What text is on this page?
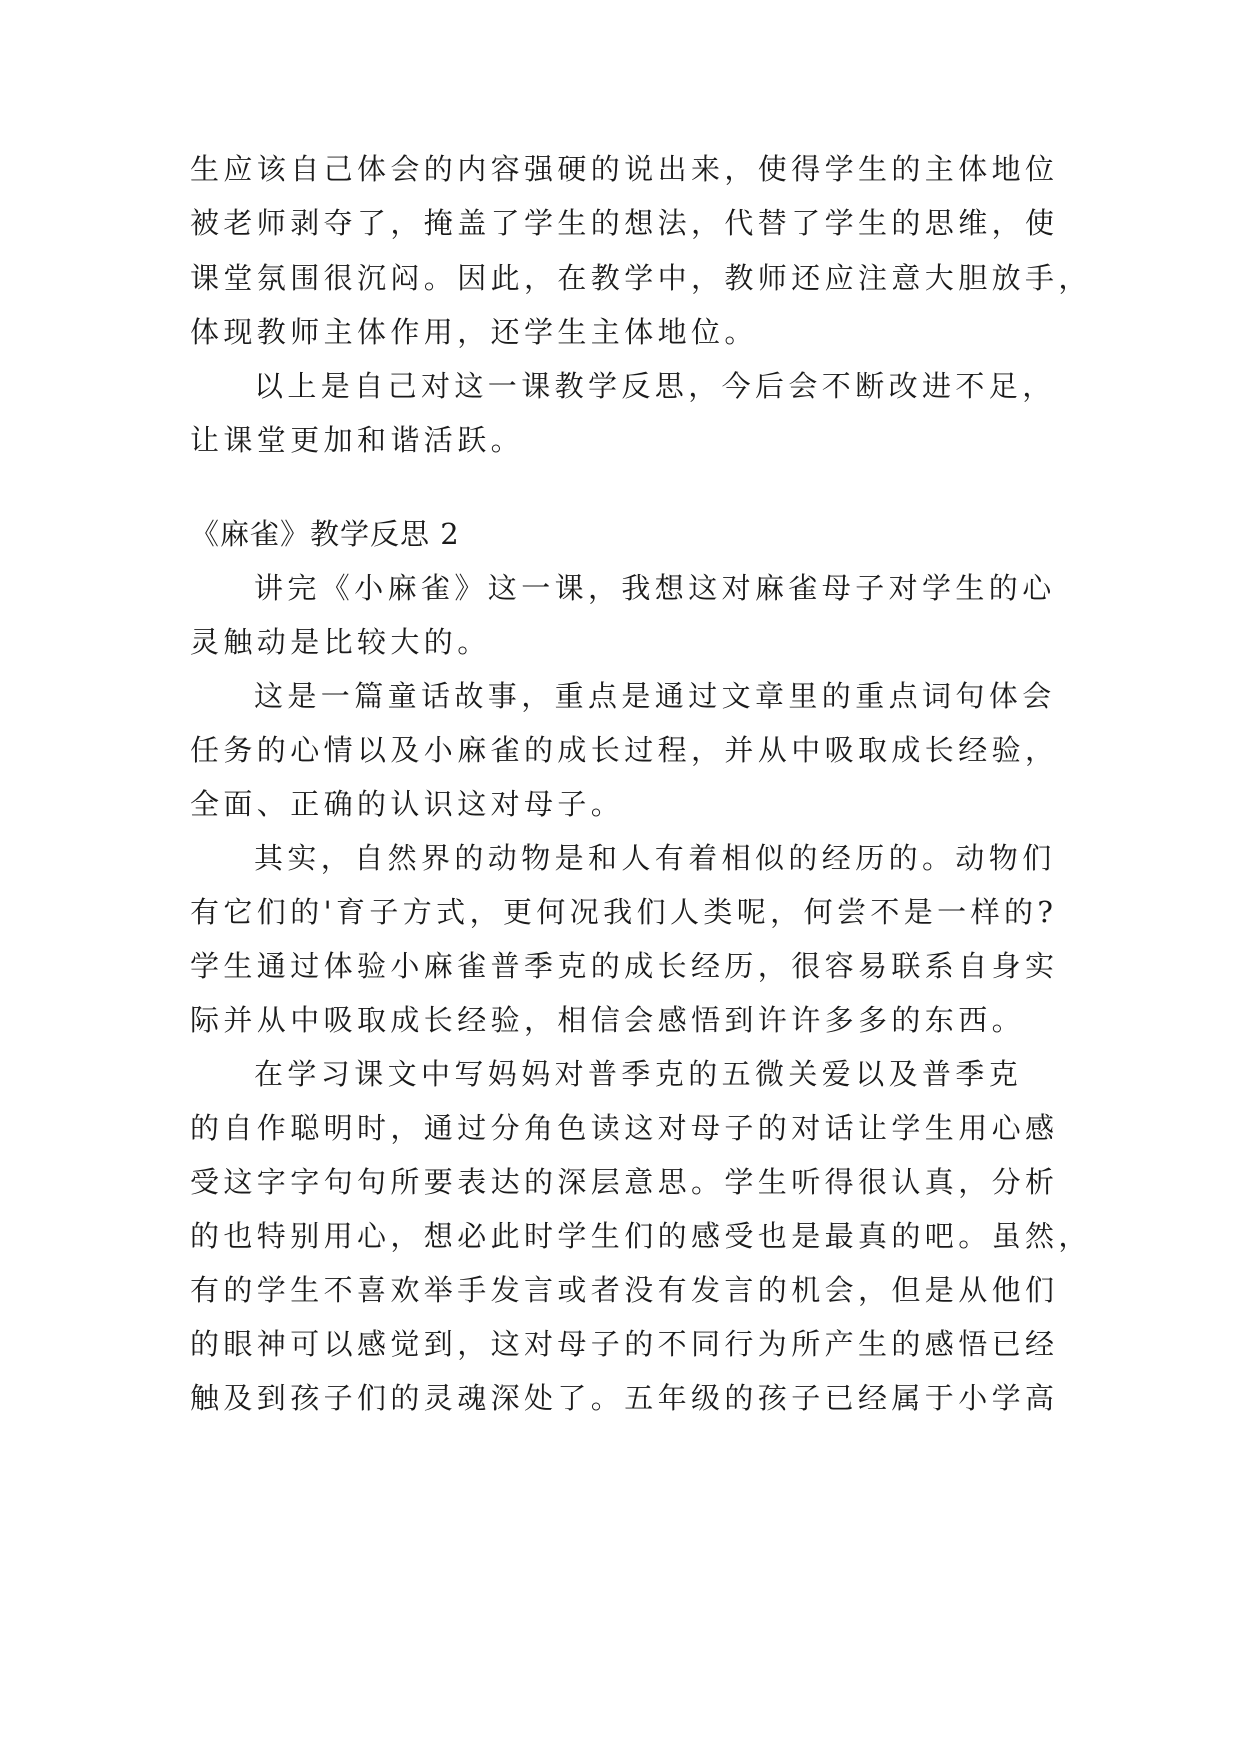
生应该自己体会的内容强硬的说出来，使得学生的主体地位
被老师剥夺了，掩盖了学生的想法，代替了学生的思维，使
课堂氛围很沉闷。因此，在教学中，教师还应注意大胆放手，
体现教师主体作用，还学生主体地位。
以上是自己对这一课教学反思，今后会不断改进不足，
让课堂更加和谐活跃。
《麻雀》教学反思 2
讲完《小麻雀》这一课，我想这对麻雀母子对学生的心
灵触动是比较大的。
这是一篇童话故事，重点是通过文章里的重点词句体会
任务的心情以及小麻雀的成长过程，并从中吸取成长经验，
全面、正确的认识这对母子。
其实，自然界的动物是和人有着相似的经历的。动物们
有它们的'育子方式，更何况我们人类呢，何尝不是一样的?
学生通过体验小麻雀普季克的成长经历，很容易联系自身实
际并从中吸取成长经验，相信会感悟到许许多多的东西。
在学习课文中写妈妈对普季克的五微关爱以及普季克
的自作聪明时，通过分角色读这对母子的对话让学生用心感
受这字字句句所要表达的深层意思。学生听得很认真，分析
的也特别用心，想必此时学生们的感受也是最真的吧。虽然，
有的学生不喜欢举手发言或者没有发言的机会，但是从他们
的眼神可以感觉到，这对母子的不同行为所产生的感悟已经
触及到孩子们的灵魂深处了。五年级的孩子已经属于小学高
